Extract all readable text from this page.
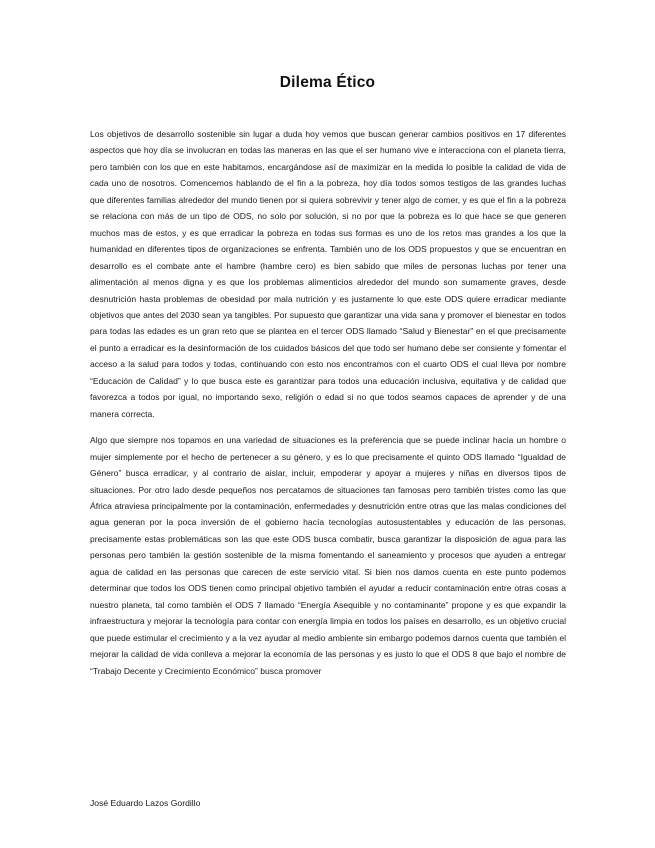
Dilema Ético

Los objetivos de desarrollo sostenible sin lugar a duda hoy vemos que buscan generar cambios positivos en 17 diferentes aspectos que hoy día se involucran en todas las maneras en las que el ser humano vive e interacciona con el planeta tierra, pero también con los que en este habitamos, encargándose así de maximizar en la medida lo posible la calidad de vida de cada uno de nosotros. Comencemos hablando de el fin a la pobreza, hoy día todos somos testigos de las grandes luchas que diferentes familias alrededor del mundo tienen por si quiera sobrevivir y tener algo de comer, y es que el fin a la pobreza se relaciona con más de un tipo de ODS, no solo por solución, si no por que la pobreza es lo que hace se que generen muchos mas de estos, y es que erradicar la pobreza en todas sus formas es uno de los retos mas grandes a los que la humanidad en diferentes tipos de organizaciones se enfrenta. También uno de los ODS propuestos y que se encuentran en desarrollo es el combate ante el hambre (hambre cero) es bien sabido que miles de personas luchas por tener una alimentación al menos digna y es que los problemas alimenticios alrededor del mundo son sumamente graves, desde desnutrición hasta problemas de obesidad por mala nutrición y es justamente lo que este ODS quiere erradicar mediante objetivos que antes del 2030 sean ya tangibles. Por supuesto que garantizar una vida sana y promover el bienestar en todos para todas las edades es un gran reto que se plantea en el tercer ODS llamado “Salud y Bienestar” en el que precisamente el punto a erradicar es la desinformación de los cuidados básicos del que todo ser humano debe ser consiente y fomentar el acceso a la salud para todos y todas, continuando con esto nos encontramos con el cuarto ODS el cual lleva por nombre “Educación de Calidad” y lo que busca este es garantizar para todos una educación inclusiva, equitativa y de calidad que favorezca a todos por igual, no importando sexo, religión o edad si no que todos seamos capaces de aprender y de una manera correcta.

Algo que siempre nos topamos en una variedad de situaciones es la preferencia que se puede inclinar hacia un hombre o mujer simplemente por el hecho de pertenecer a su género, y es lo que precisamente el quinto ODS llamado “Igualdad de Género” busca erradicar, y al contrario de aislar, incluir, empoderar y apoyar a mujeres y niñas en diversos tipos de situaciones. Por otro lado desde pequeños nos percatamos de situaciones tan famosas pero también tristes como las que África atraviesa principalmente por la contaminación, enfermedades y desnutrición entre otras que las malas condiciones del agua generan por la poca inversión de el gobierno hacía tecnologías autosustentables y educación de las personas, precisamente estas problemáticas son las que este ODS busca combatir, busca garantizar la disposición de agua para las personas pero también la gestión sostenible de la misma fomentando el saneamiento y procesos que ayuden a entregar agua de calidad en las personas que carecen de este servicio vital. Si bien nos damos cuenta en este punto podemos determinar que todos los ODS tienen como principal objetivo también el ayudar a reducir contaminación entre otras cosas a nuestro planeta, tal como también el ODS 7 llamado “Energía Asequible y no contaminante” propone y es que expandir la infraestructura y mejorar la tecnología para contar con energía limpia en todos los países en desarrollo, es un objetivo crucial que puede estimular el crecimiento y a la vez ayudar al medio ambiente sin embargo podemos darnos cuenta que también el mejorar la calidad de vida conlleva a mejorar la economía de las personas y es justo lo que el ODS 8 que bajo el nombre de “Trabajo Decente y Crecimiento Económico” busca promover

José Eduardo Lazos Gordillo
